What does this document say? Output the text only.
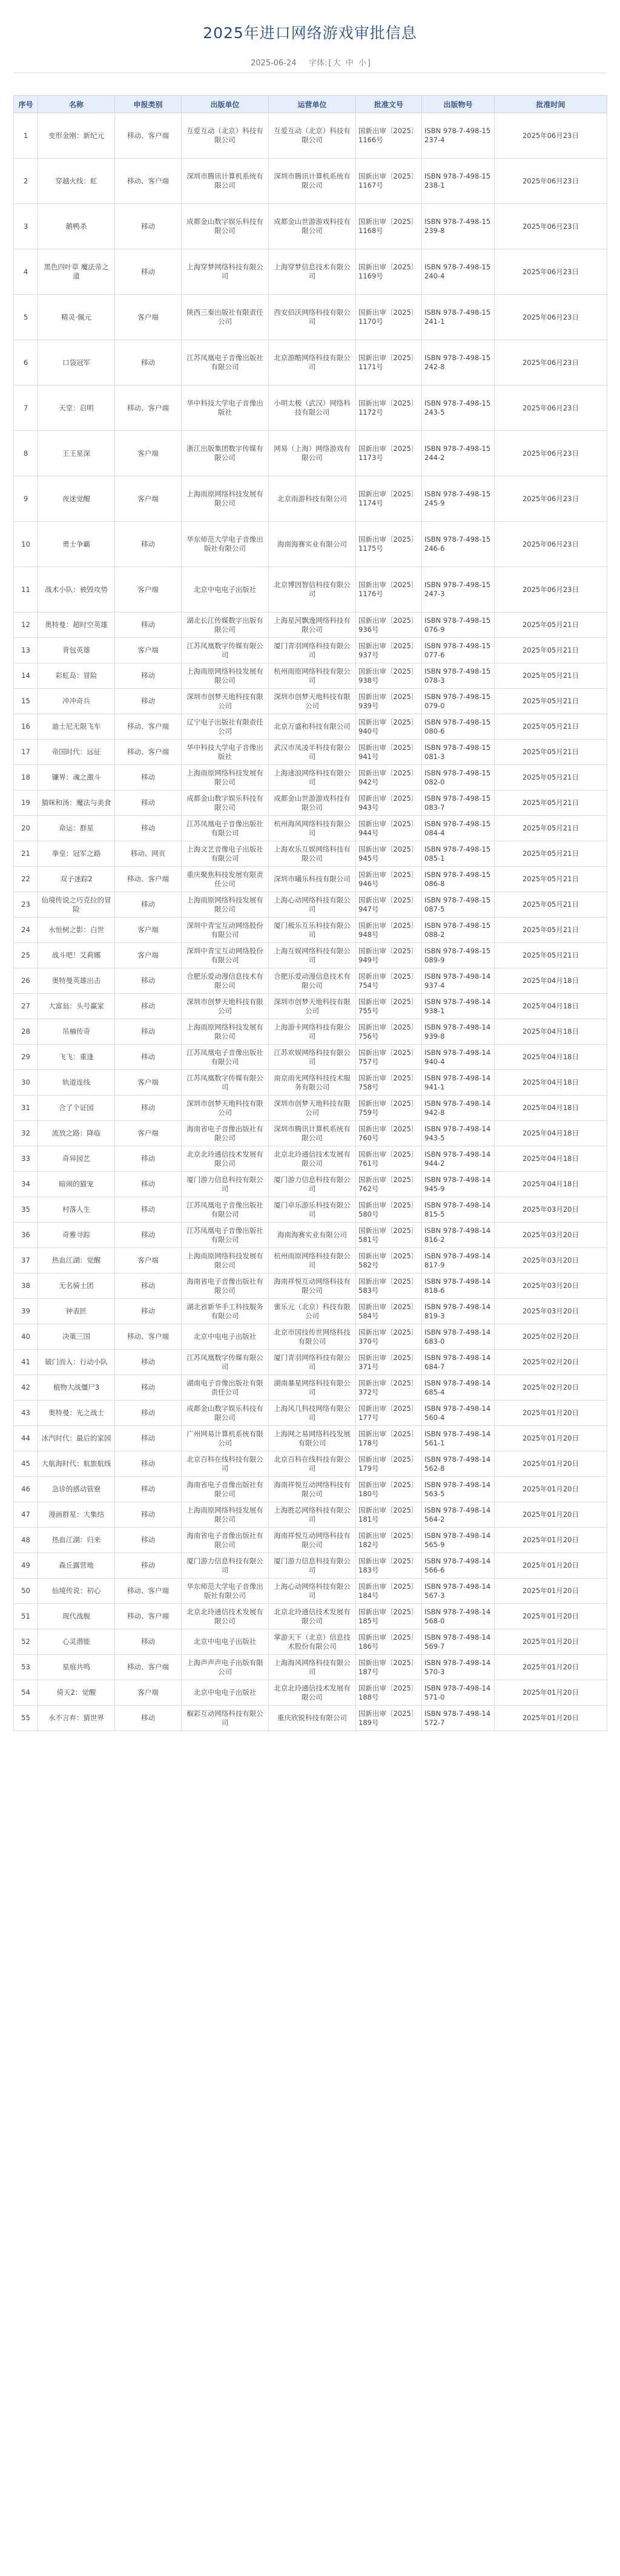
2025年进口网络游戏审批信息
2025-06-24 字体: [ 大 中 小 ]
序号	名称	申报类别	出版单位	运营单位	批准文号	出版物号	批准时间
1	变形金刚：新纪元	移动、客户端	互爱互动（北京）科技有限公司	互爱互动（北京）科技有限公司	国新出审〔2025〕1166号	ISBN 978-7-498-15237-4	2025年06月23日
2	穿越火线：虹	移动、客户端	深圳市腾讯计算机系统有限公司	深圳市腾讯计算机系统有限公司	国新出审〔2025〕1167号	ISBN 978-7-498-15238-1	2025年06月23日
3	鹅鸭杀	移动	成都金山数字娱乐科技有限公司	成都金山世游游戏科技有限公司	国新出审〔2025〕1168号	ISBN 978-7-498-15239-8	2025年06月23日
4	黑色四叶草 魔法帝之道	移动	上海穿梦网络科技有限公司	上海穿梦信息技术有限公司	国新出审〔2025〕1169号	ISBN 978-7-498-15240-4	2025年06月23日
5	精灵·佩元	客户端	陕西三秦出版社有限责任公司	西安佰沃网络科技有限公司	国新出审〔2025〕1170号	ISBN 978-7-498-15241-1	2025年06月23日
6	口袋冠军	移动	江苏凤凰电子音像出版社有限公司	北京游酷网络科技有限公司	国新出审〔2025〕1171号	ISBN 978-7-498-15242-8	2025年06月23日
7	天堂：启明	移动、客户端	华中科技大学电子音像出版社	小明太极（武汉）网络科技有限公司	国新出审〔2025〕1172号	ISBN 978-7-498-15243-5	2025年06月23日
8	王王星深	客户端	浙江出版集团数字传媒有限公司	网易（上海）网络游戏有限公司	国新出审〔2025〕1173号	ISBN 978-7-498-15244-2	2025年06月23日
9	夜迷觉醒	客户端	上海雨原网络科技发展有限公司	北京雨游科技有限公司	国新出审〔2025〕1174号	ISBN 978-7-498-15245-9	2025年06月23日
10	勇士争霸	移动	华东师范大学电子音像出版社有限公司	海南海赛实业有限公司	国新出审〔2025〕1175号	ISBN 978-7-498-15246-6	2025年06月23日
11	战术小队：被毁攻势	客户端	北京中电电子出版社	北京博因智信科技有限公司	国新出审〔2025〕1176号	ISBN 978-7-498-15247-3	2025年06月23日
12	奥特曼：超时空英雄	移动	湖北长江传媒数字出版有限公司	上海星河飘逸网络科技有限公司	国新出审〔2025〕936号	ISBN 978-7-498-15076-9	2025年05月21日
13	背包英雄	客户端	江苏凤凰数字传媒有限公司	厦门青羽网络科技有限公司	国新出审〔2025〕937号	ISBN 978-7-498-15077-6	2025年05月21日
14	彩虹岛：冒险	移动	上海雨原网络科技发展有限公司	杭州雨原网络科技有限公司	国新出审〔2025〕938号	ISBN 978-7-498-15078-3	2025年05月21日
15	冲冲奇兵	移动	深圳市创梦天地科技有限公司	深圳市创梦天地科技有限公司	国新出审〔2025〕939号	ISBN 978-7-498-15079-0	2025年05月21日
16	迪士尼无限飞车	移动、客户端	辽宁电子出版社有限责任公司	北京万盛和科技有限公司	国新出审〔2025〕940号	ISBN 978-7-498-15080-6	2025年05月21日
17	帝国时代：远征	移动、客户端	华中科技大学电子音像出版社	武汉市凤凌半科技有限公司	国新出审〔2025〕941号	ISBN 978-7-498-15081-3	2025年05月21日
18	镰界：魂之激斗	移动	上海雨原网络科技发展有限公司	上海速浪网络科技有限公司	国新出审〔2025〕942号	ISBN 978-7-498-15082-0	2025年05月21日
19	猫咪和汤：魔法与美食	移动	成都金山数字娱乐科技有限公司	成都金山世游游戏科技有限公司	国新出审〔2025〕943号	ISBN 978-7-498-15083-7	2025年05月21日
20	命运：群星	移动	江苏凤凰电子音像出版社有限公司	杭州海风网络科技有限公司	国新出审〔2025〕944号	ISBN 978-7-498-15084-4	2025年05月21日
21	拳皇：冠军之路	移动、网页	上海文艺音像电子出版社有限公司	上海欢乐互娱网络科技有限公司	国新出审〔2025〕945号	ISBN 978-7-498-15085-1	2025年05月21日
22	双子迷踪2	移动、客户端	重庆聚焦科技发展有限责任公司	深圳市曦乐科技有限公司	国新出审〔2025〕946号	ISBN 978-7-498-15086-8	2025年05月21日
23	仙境传说之巧克拉的冒险	移动	上海雨原网络科技发展有限公司	上海心动网络科技有限公司	国新出审〔2025〕947号	ISBN 978-7-498-15087-5	2025年05月21日
24	永恒树之影：白世	客户端	深圳中青宝互动网络股份有限公司	厦门极乐互乐科技有限公司	国新出审〔2025〕948号	ISBN 978-7-498-15088-2	2025年05月21日
25	战斗吧！艾莉娜	客户端	深圳中青宝互动网络股份有限公司	上海互娱网络科技有限公司	国新出审〔2025〕949号	ISBN 978-7-498-15089-9	2025年05月21日
26	奥特曼英雄出击	移动	合肥乐爱动漫信息技术有限公司	合肥乐爱动漫信息技术有限公司	国新出审〔2025〕754号	ISBN 978-7-498-14937-4	2025年04月18日
27	大富翁：头号赢家	移动	深圳市创梦天地科技有限公司	深圳市创梦天地科技有限公司	国新出审〔2025〕755号	ISBN 978-7-498-14938-1	2025年04月18日
28	吊楠传奇	移动	上海雨原网络科技发展有限公司	上海游卡网络科技有限公司	国新出审〔2025〕756号	ISBN 978-7-498-14939-8	2025年04月18日
29	飞飞：重逢	移动	江苏凤凰电子音像出版社有限公司	江苏欢娱网络科技有限公司	国新出审〔2025〕757号	ISBN 978-7-498-14940-4	2025年04月18日
30	轨道连线	客户端	江苏凤凰数字传媒有限公司	南京雨光网络科技技术服务有限公司	国新出审〔2025〕758号	ISBN 978-7-498-14941-1	2025年04月18日
31	合了个证园	移动	深圳市创梦天地科技有限公司	深圳市创梦天地科技有限公司	国新出审〔2025〕759号	ISBN 978-7-498-14942-8	2025年04月18日
32	流放之路：降临	客户端	海南省电子音像出版社有限公司	深圳市腾讯计算机系统有限公司	国新出审〔2025〕760号	ISBN 978-7-498-14943-5	2025年04月18日
33	奇异园艺	移动	北京北玲通信技术发展有限公司	北京北玲通信技术发展有限公司	国新出审〔2025〕761号	ISBN 978-7-498-14944-2	2025年04月18日
34	暗闹的猫宠	移动	厦门游力信息科技有限公司	厦门游力信息科技有限公司	国新出审〔2025〕762号	ISBN 978-7-498-14945-9	2025年04月18日
35	村落人生	移动	江苏凤凰电子音像出版社有限公司	厦门卓乐游乐科技有限公司	国新出审〔2025〕580号	ISBN 978-7-498-14815-5	2025年03月20日
36	奇雅寻踪	移动	江苏凤凰电子音像出版社有限公司	海南海赛实业有限公司	国新出审〔2025〕581号	ISBN 978-7-498-14816-2	2025年03月20日
37	热血江湖：觉醒	客户端	上海雨原网络科技发展有限公司	杭州雨原网络科技有限公司	国新出审〔2025〕582号	ISBN 978-7-498-14817-9	2025年03月20日
38	无名骑士团	移动	海南省电子音像出版社有限公司	海南祥悦互动网络科技有限公司	国新出审〔2025〕583号	ISBN 978-7-498-14818-6	2025年03月20日
39	钟表匠	移动	湖北省新华手工科技服务有限公司	蜜乐元（北京）科技有限公司	国新出审〔2025〕584号	ISBN 978-7-498-14819-3	2025年03月20日
40	决策三国	移动、客户端	北京中电电子出版社	北京市国技传世网络科技有限公司	国新出审〔2025〕370号	ISBN 978-7-498-14683-0	2025年02月20日
41	破门而入：行动小队	移动	江苏凤凰数字传媒有限公司	厦门青羽网络科技有限公司	国新出审〔2025〕371号	ISBN 978-7-498-14684-7	2025年02月20日
42	植物大战僵尸3	移动	湖南电子音像出版社有限责任公司	湖南暴星网络科技有限公司	国新出审〔2025〕372号	ISBN 978-7-498-14685-4	2025年02月20日
43	奥特曼：光之战士	移动	成都金山数字娱乐科技有限公司	上海风几科技网络有限公司	国新出审〔2025〕177号	ISBN 978-7-498-14560-4	2025年01月20日
44	冰汽时代：最后的家园	移动	广州网易计算机系统有限公司	上海网之易网络科技发展有限公司	国新出审〔2025〕178号	ISBN 978-7-498-14561-1	2025年01月20日
45	大航海时代：航旅航线	移动	北京百科在线科技有限公司	北京百科在线科技有限公司	国新出审〔2025〕179号	ISBN 978-7-498-14562-8	2025年01月20日
46	急诊的感动管寮	移动	海南省电子音像出版社有限公司	海南祥悦互动网络科技有限公司	国新出审〔2025〕180号	ISBN 978-7-498-14563-5	2025年01月20日
47	漫画群星：大集结	移动	上海雨原网络科技发展有限公司	上海胜芯网络科技有限公司	国新出审〔2025〕181号	ISBN 978-7-498-14564-2	2025年01月20日
48	热血江湖：归来	移动	海南省电子音像出版社有限公司	海南祥悦互动网络科技有限公司	国新出审〔2025〕182号	ISBN 978-7-498-14565-9	2025年01月20日
49	森丘露营地	移动	厦门游力信息科技有限公司	厦门游力信息科技有限公司	国新出审〔2025〕183号	ISBN 978-7-498-14566-6	2025年01月20日
50	仙境传说：初心	移动、客户端	华东师范大学电子音像出版社有限公司	上海心动网络科技有限公司	国新出审〔2025〕184号	ISBN 978-7-498-14567-3	2025年01月20日
51	现代战舰	移动、客户端	北京北玲通信技术发展有限公司	北京北玲通信技术发展有限公司	国新出审〔2025〕185号	ISBN 978-7-498-14568-0	2025年01月20日
52	心灵潜能	移动	北京中电电子出版社	掌游天下（北京）信息技术股份有限公司	国新出审〔2025〕186号	ISBN 978-7-498-14569-7	2025年01月20日
53	星痕共鸣	移动、客户端	上海声声声电子出版有限公司	上海海风网络科技有限公司	国新出审〔2025〕187号	ISBN 978-7-498-14570-3	2025年01月20日
54	倚天2：觉醒	客户端	北京中电电子出版社	北京北玲通信技术发展有限公司	国新出审〔2025〕188号	ISBN 978-7-498-14571-0	2025年01月20日
55	永不言弃：猜世界	移动	椒彩互动网络科技有限公司	重庆欣锐科技有限公司	国新出审〔2025〕189号	ISBN 978-7-498-14572-7	2025年01月20日
